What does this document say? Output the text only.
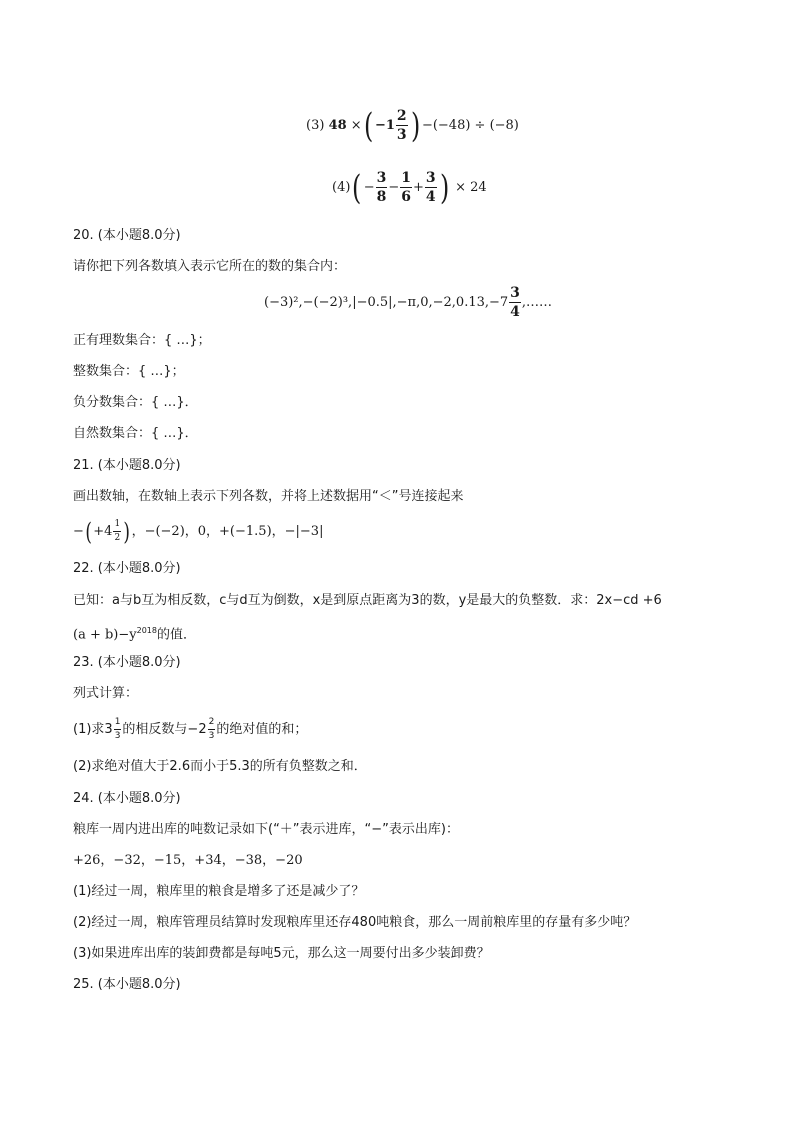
(3) 48 ×( $-1 \frac{2}{3}$ ) −(−48) ÷ (−8)
$(4)( - \frac{3}{8} - \frac{1}{6} + \frac{3}{4}$ ) × 24
20. (本小题8.0分)
请你把下列各数填入表示它所在的数的集合内：
$(-3)^2,-(-2)^3,|-0.5|,-\pi,0,-2,0.13,-7 \frac{3}{4}$ ,……
正有理数集合：{ …}；
整数集合：{ …}；
负分数集合：{ …}．
自然数集合：{ …}．
21. (本小题8.0分)
画出数轴，在数轴上表示下列各数，并将上述数据用“＜”号连接起来
$-(+4 \frac{1}{2}$ )，−(−2)，0，+(−1.5)，−|−3|
22. (本小题8.0分)
已知：a与b互为相反数，c与d互为倒数，x是到原点距离为3的数，y是最大的负整数．求：2x−cd +6
$(a + b)-y^{2018}$的值．
23. (本小题8.0分)
列式计算：
(1)求$3 \frac{1}{3}$ 的相反数与$-2 \frac{2}{3}$ 的绝对值的和；
(2)求绝对值大于2.6而小于5.3的所有负整数之和．
24. (本小题8.0分)
粮库一周内进出库的吨数记录如下(“＋”表示进库，“−”表示出库)：
+26，−32，−15，+34，−38，−20
(1)经过一周，粮库里的粮食是增多了还是减少了？
(2)经过一周，粮库管理员结算时发现粮库里还存480吨粮食，那么一周前粮库里的存量有多少吨？
(3)如果进库出库的装卸费都是每吨5元，那么这一周要付出多少装卸费？
25. (本小题8.0分)
